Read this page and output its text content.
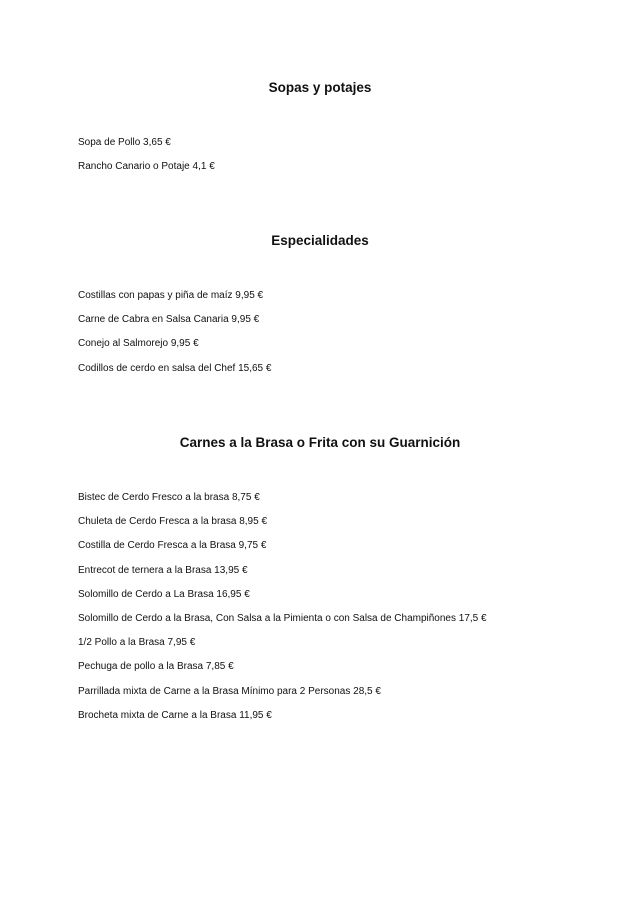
Sopas y potajes
Sopa de Pollo 3,65 €
Rancho Canario o Potaje 4,1 €
Especialidades
Costillas con papas y piña de maíz 9,95 €
Carne de Cabra en Salsa Canaria 9,95 €
Conejo al Salmorejo 9,95 €
Codillos de cerdo en salsa del Chef 15,65 €
Carnes a la Brasa o Frita con su Guarnición
Bistec de Cerdo Fresco a la brasa 8,75 €
Chuleta de Cerdo Fresca a la brasa 8,95 €
Costilla de Cerdo Fresca a la Brasa 9,75 €
Entrecot de ternera a la Brasa 13,95 €
Solomillo de Cerdo a La Brasa 16,95 €
Solomillo de Cerdo a la Brasa, Con Salsa a la Pimienta o con Salsa de Champiñones 17,5 €
1/2 Pollo a la Brasa 7,95 €
Pechuga de pollo a la Brasa 7,85 €
Parrillada mixta de Carne a la Brasa Mínimo para 2 Personas 28,5 €
Brocheta mixta de Carne a la Brasa 11,95 €
